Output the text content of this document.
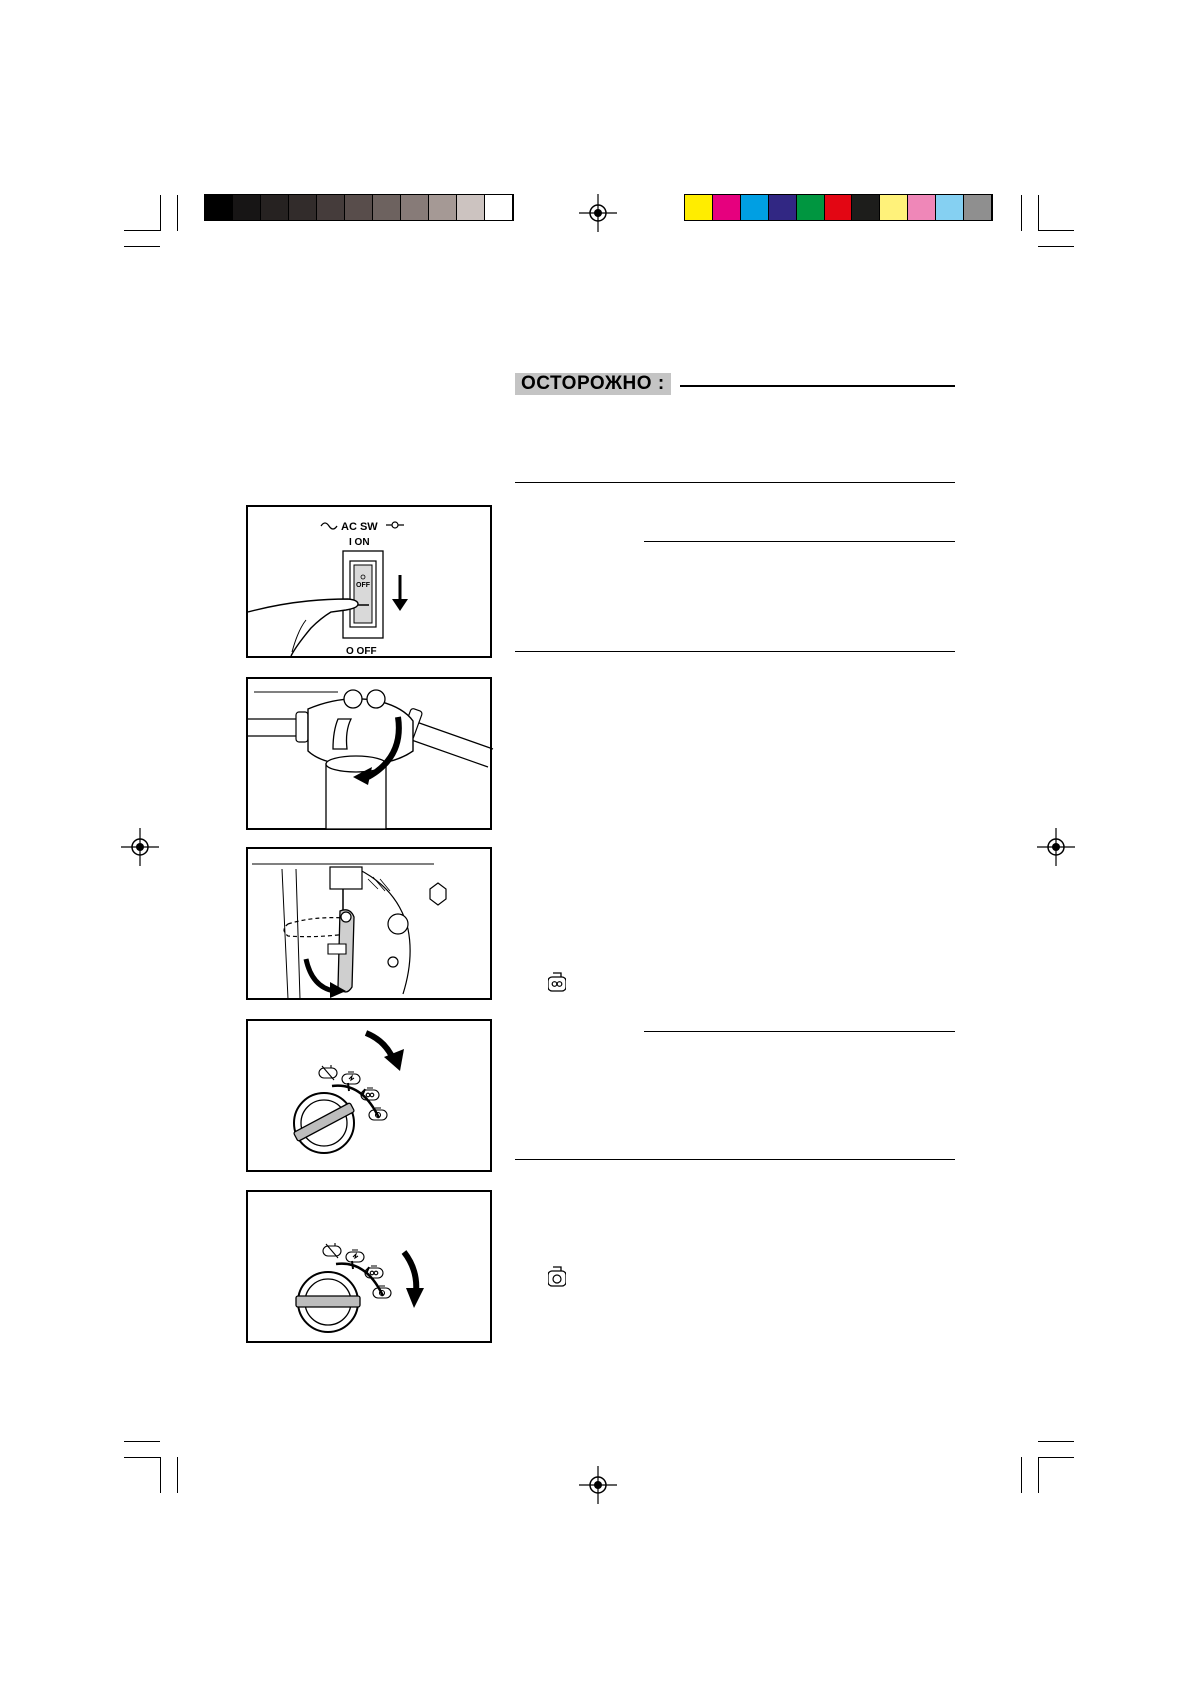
ОСТОРОЖНО :
AC SW
I ON
OFF
O OFF
